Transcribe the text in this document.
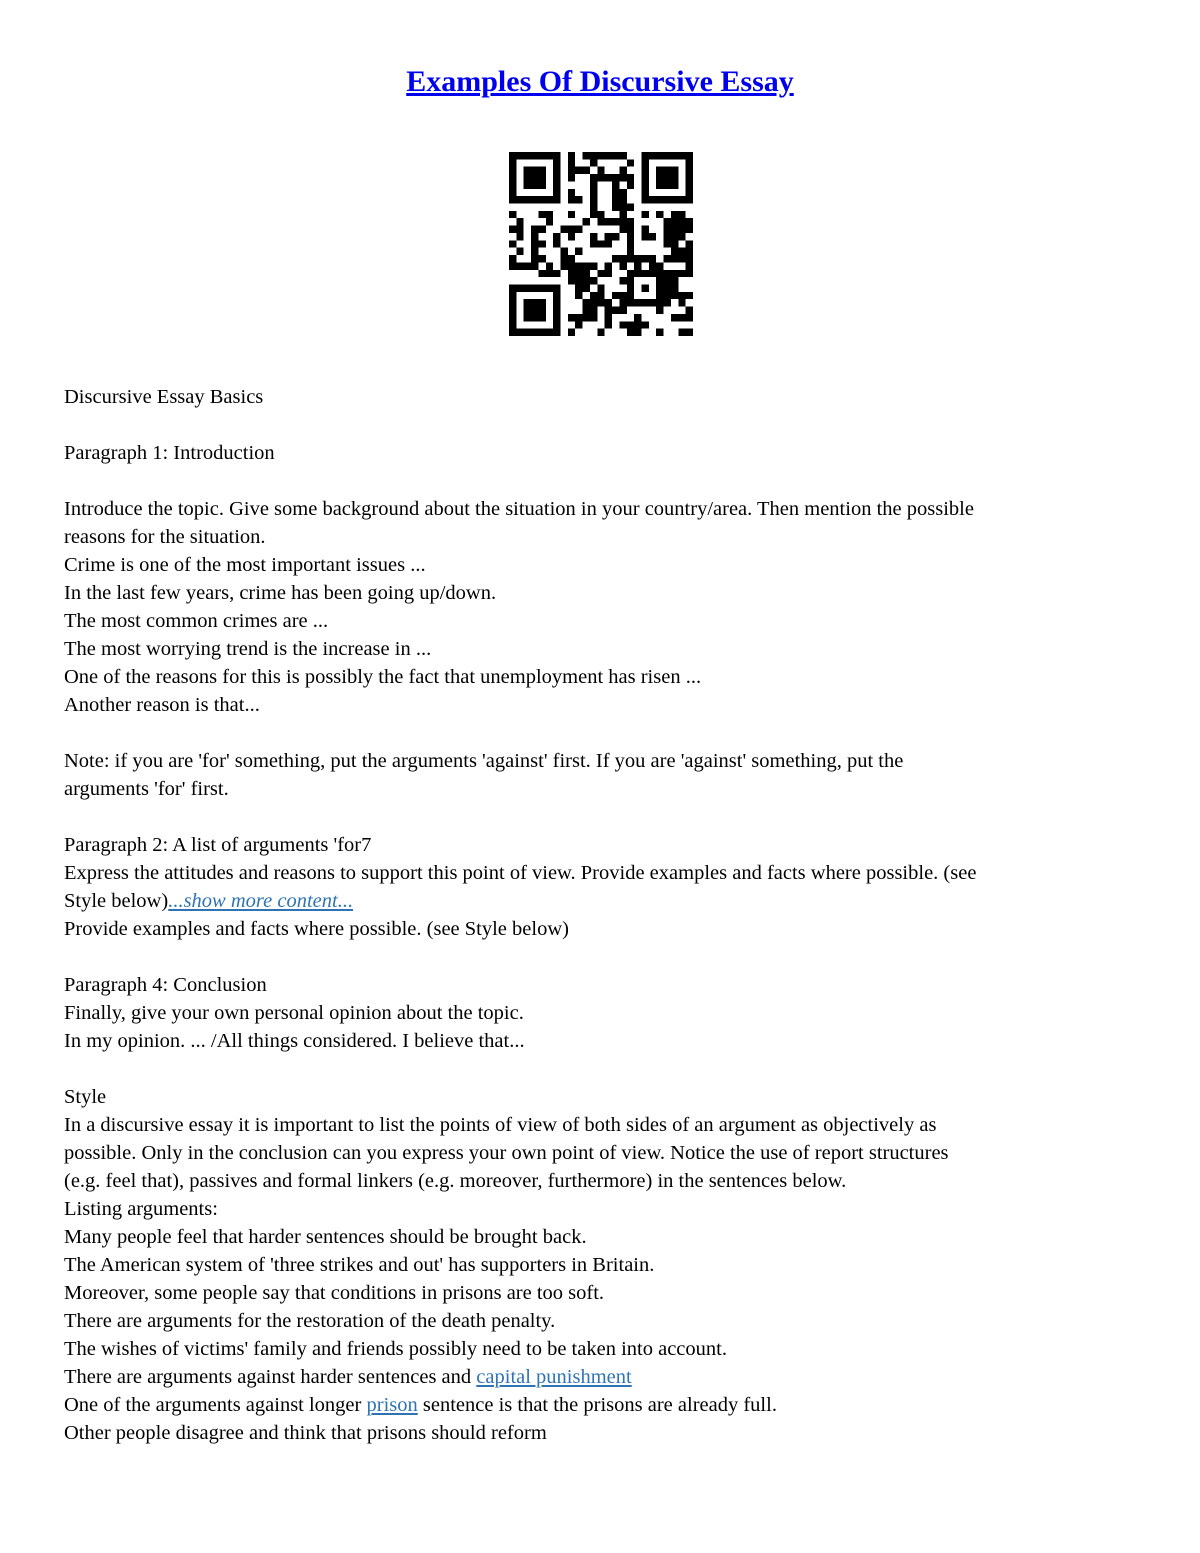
Examples Of Discursive Essay
Discursive Essay Basics
Paragraph 1: Introduction
Introduce the topic. Give some background about the situation in your country/area. Then mention the possible
reasons for the situation.
Crime is one of the most important issues ...
In the last few years, crime has been going up/down.
The most common crimes are ...
The most worrying trend is the increase in ...
One of the reasons for this is possibly the fact that unemployment has risen ...
Another reason is that...
Note: if you are 'for' something, put the arguments 'against' first. If you are 'against' something, put the
arguments 'for' first.
Paragraph 2: A list of arguments 'for7
Express the attitudes and reasons to support this point of view. Provide examples and facts where possible. (see
Style below)...show more content...
Provide examples and facts where possible. (see Style below)
Paragraph 4: Conclusion
Finally, give your own personal opinion about the topic.
In my opinion. ... /All things considered. I believe that...
Style
In a discursive essay it is important to list the points of view of both sides of an argument as objectively as
possible. Only in the conclusion can you express your own point of view. Notice the use of report structures
(e.g. feel that), passives and formal linkers (e.g. moreover, furthermore) in the sentences below.
Listing arguments:
Many people feel that harder sentences should be brought back.
The American system of 'three strikes and out' has supporters in Britain.
Moreover, some people say that conditions in prisons are too soft.
There are arguments for the restoration of the death penalty.
The wishes of victims' family and friends possibly need to be taken into account.
There are arguments against harder sentences and capital punishment
One of the arguments against longer prison sentence is that the prisons are already full.
Other people disagree and think that prisons should reform
